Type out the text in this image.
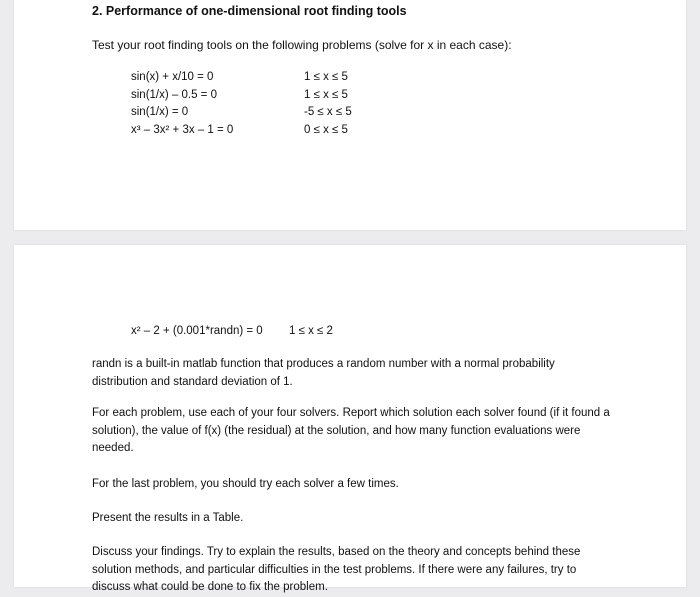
2. Performance of one-dimensional root finding tools
Test your root finding tools on the following problems (solve for x in each case):
sin(x) + x/10 = 0	1 ≤ x ≤ 5
sin(1/x) – 0.5 = 0	1 ≤ x ≤ 5
sin(1/x) = 0	-5 ≤ x ≤ 5
x³ – 3x² + 3x – 1 = 0	0 ≤ x ≤ 5
x² – 2 + (0.001*randn) = 0 1 ≤ x ≤ 2

randn is a built-in matlab function that produces a random number with a normal probability distribution and standard deviation of 1.

For each problem, use each of your four solvers. Report which solution each solver found (if it found a solution), the value of f(x) (the residual) at the solution, and how many function evaluations were needed.

For the last problem, you should try each solver a few times.

Present the results in a Table.

Discuss your findings. Try to explain the results, based on the theory and concepts behind these solution methods, and particular difficulties in the test problems. If there were any failures, try to discuss what could be done to fix the problem.
